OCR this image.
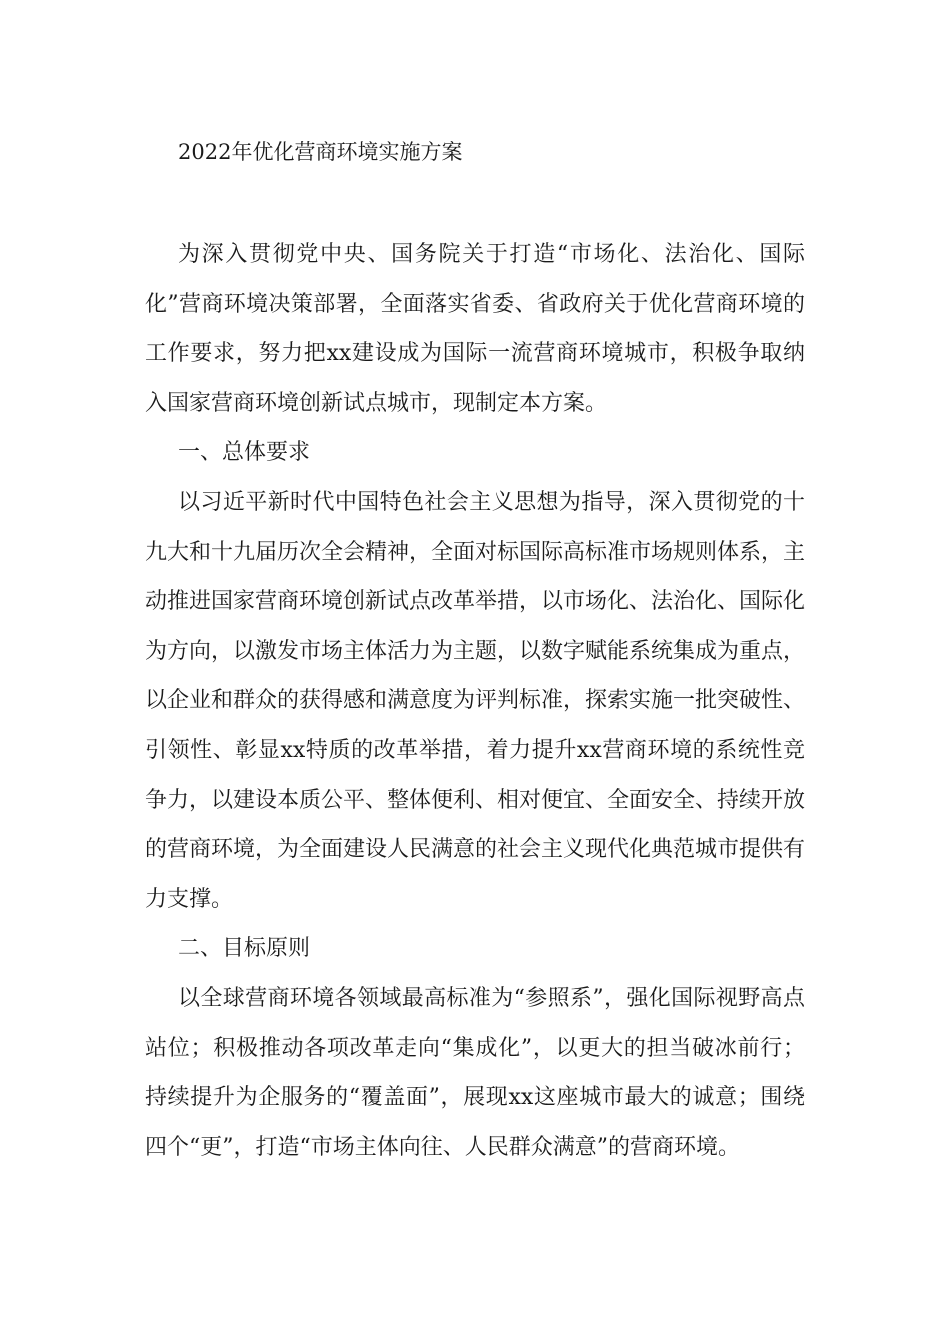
2022年优化营商环境实施方案

为深入贯彻党中央、国务院关于打造“市场化、法治化、国际化”营商环境决策部署，全面落实省委、省政府关于优化营商环境的工作要求，努力把xx建设成为国际一流营商环境城市，积极争取纳入国家营商环境创新试点城市，现制定本方案。

一、总体要求

以习近平新时代中国特色社会主义思想为指导，深入贯彻党的十九大和十九届历次全会精神，全面对标国际高标准市场规则体系，主动推进国家营商环境创新试点改革举措，以市场化、法治化、国际化为方向，以激发市场主体活力为主题，以数字赋能系统集成为重点，以企业和群众的获得感和满意度为评判标准，探索实施一批突破性、引领性、彰显xx特质的改革举措，着力提升xx营商环境的系统性竞争力，以建设本质公平、整体便利、相对便宜、全面安全、持续开放的营商环境，为全面建设人民满意的社会主义现代化典范城市提供有力支撑。

二、目标原则

以全球营商环境各领域最高标准为“参照系”，强化国际视野高点站位；积极推动各项改革走向“集成化”，以更大的担当破冰前行；持续提升为企服务的“覆盖面”，展现xx这座城市最大的诚意；围绕四个“更”，打造“市场主体向往、人民群众满意”的营商环境。
